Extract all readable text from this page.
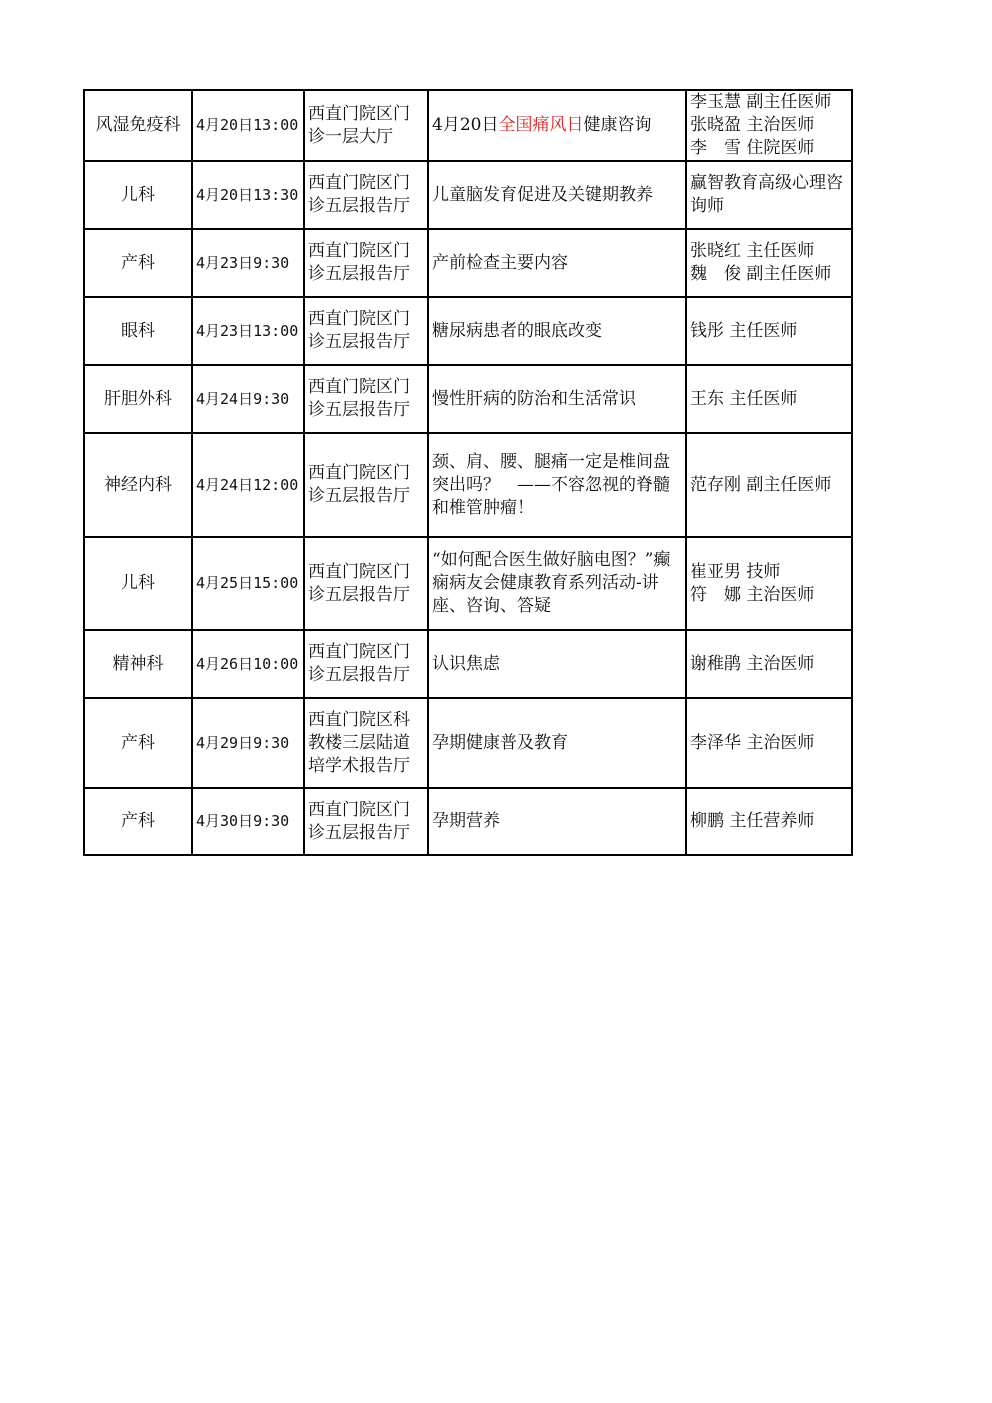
风湿免疫科	4月20日13:00	西直门院区门诊一层大厅	4月20日全国痛风日健康咨询	李玉慧 副主任医师
张晓盈 主治医师
李　雪 住院医师

儿科	4月20日13:30	西直门院区门诊五层报告厅	儿童脑发育促进及关键期教养	赢智教育高级心理咨询师

产科	4月23日9:30	西直门院区门诊五层报告厅	产前检查主要内容	张晓红 主任医师
魏　俊 副主任医师

眼科	4月23日13:00	西直门院区门诊五层报告厅	糖尿病患者的眼底改变	钱彤 主任医师

肝胆外科	4月24日9:30	西直门院区门诊五层报告厅	慢性肝病的防治和生活常识	王东 主任医师

神经内科	4月24日12:00	西直门院区门诊五层报告厅	颈、肩、腰、腿痛一定是椎间盘突出吗？　——不容忽视的脊髓和椎管肿瘤！	范存刚 副主任医师

儿科	4月25日15:00	西直门院区门诊五层报告厅	“如何配合医生做好脑电图？”癫痫病友会健康教育系列活动-讲座、咨询、答疑	崔亚男 技师
符　娜 主治医师

精神科	4月26日10:00	西直门院区门诊五层报告厅	认识焦虑	谢稚鹃 主治医师

产科	4月29日9:30	西直门院区科教楼三层陆道培学术报告厅	孕期健康普及教育	李泽华 主治医师

产科	4月30日9:30	西直门院区门诊五层报告厅	孕期营养	柳鹏 主任营养师
